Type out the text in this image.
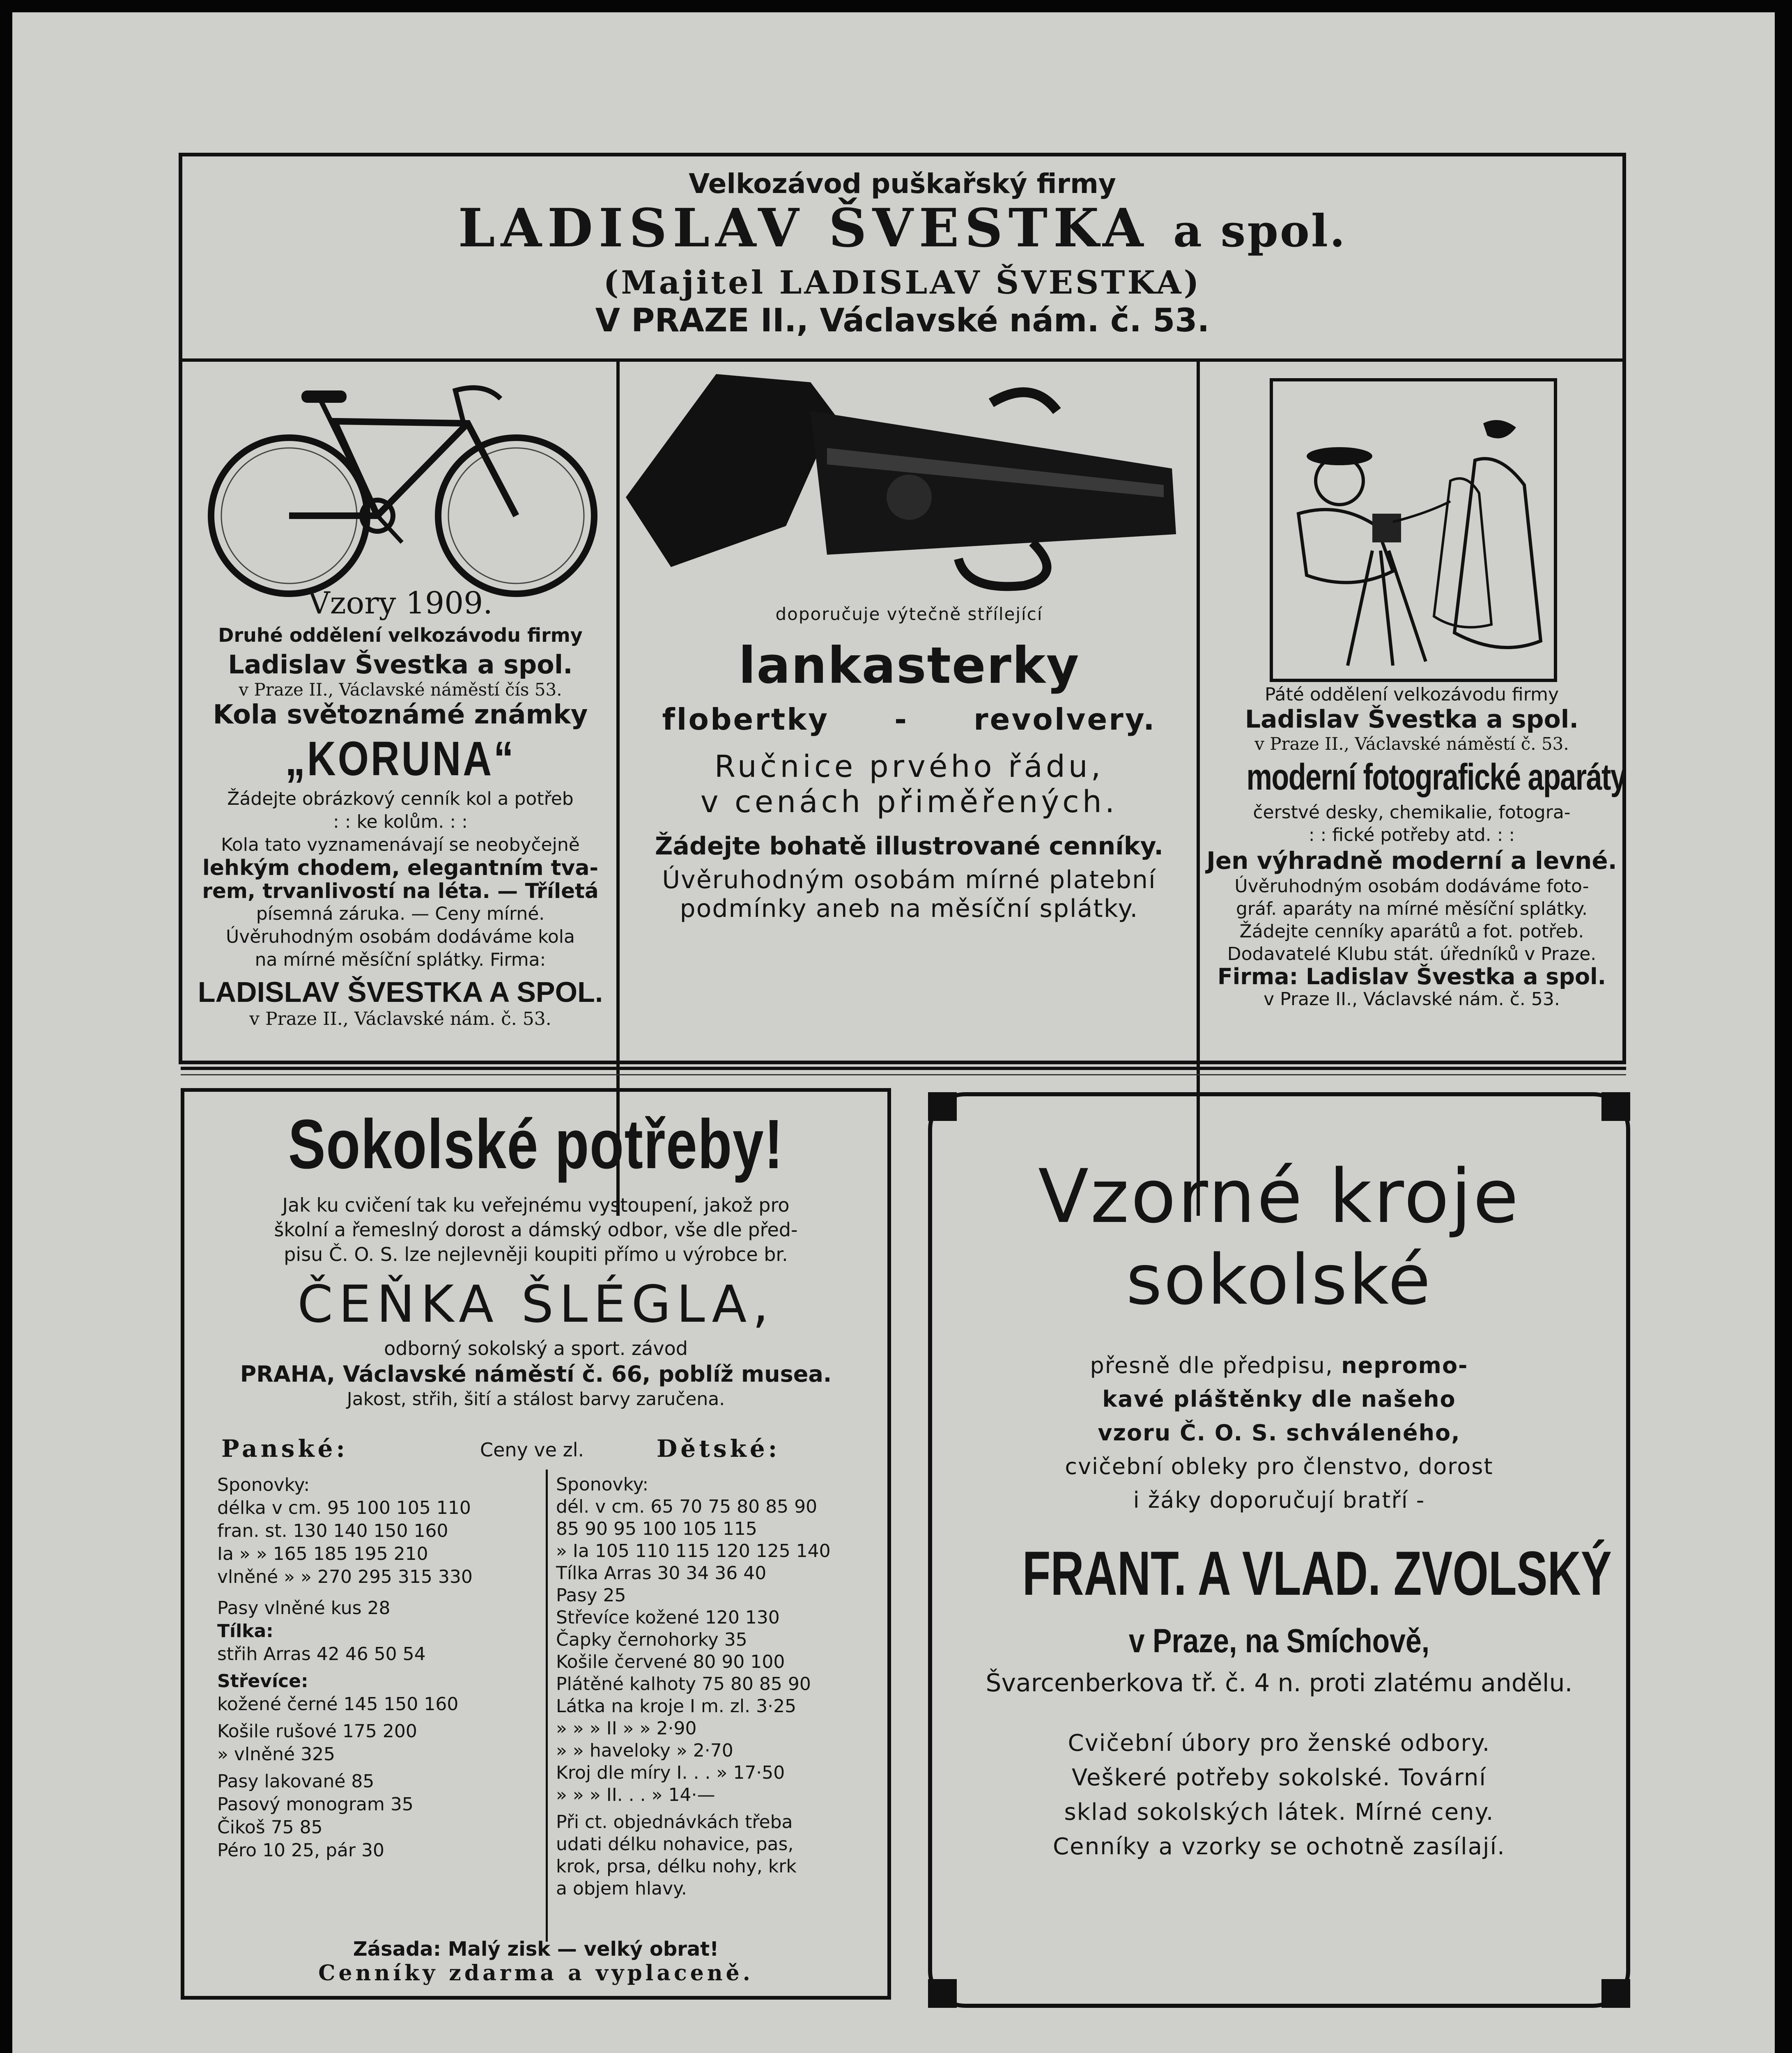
Velkozávod puškařský firmy
LADISLAV ŠVESTKA a spol.
(Majitel LADISLAV ŠVESTKA)
V PRAZE II., Václavské nám. č. 53.
Vzory 1909.
Druhé oddělení velkozávodu firmy
Ladislav Švestka a spol.
v Praze II., Václavské náměstí čís 53.
Kola světoznámé známky
„KORUNA“
Žádejte obrázkový cenník kol a potřeb
: : ke kolům. : :
Kola tato vyznamenávají se neobyčejně
lehkým chodem, elegantním tva-
rem, trvanlivostí na léta. — Tříletá
písemná záruka. — Ceny mírné.
Úvěruhodným osobám dodáváme kola
na mírné měsíční splátky. Firma:
LADISLAV ŠVESTKA A SPOL.
v Praze II., Václavské nám. č. 53.
doporučuje výtečně střílející
lankasterky
flobertky - revolvery.
Ručnice prvého řádu,
v cenách přiměřených.
Žádejte bohatě illustrované cenníky.
Úvěruhodným osobám mírné platební
podmínky aneb na měsíční splátky.
Páté oddělení velkozávodu firmy
Ladislav Švestka a spol.
v Praze II., Václavské náměstí č. 53.
moderní fotografické aparáty
čerstvé desky, chemikalie, fotogra-
: : fické potřeby atd. : :
Jen výhradně moderní a levné.
Úvěruhodným osobám dodáváme foto-
gráf. aparáty na mírné měsíční splátky.
Žádejte cenníky aparátů a fot. potřeb.
Dodavatelé Klubu stát. úředníků v Praze.
Firma: Ladislav Švestka a spol.
v Praze II., Václavské nám. č. 53.
Sokolské potřeby!
Jak ku cvičení tak ku veřejnému vystoupení, jakož pro
školní a řemeslný dorost a dámský odbor, vše dle před-
pisu Č. O. S. lze nejlevněji koupiti přímo u výrobce br.
ČEŇKA ŠLÉGLA,
odborný sokolský a sport. závod
PRAHA, Václavské náměstí č. 66, poblíž musea.
Jakost, střih, šití a stálost barvy zaručena.
Panské:	Ceny ve zl.	Dětské:
Sponovky:
délka v cm. 95 100 105 110
fran. st. 130 140 150 160
Ia » » 165 185 195 210
vlněné » » 270 295 315 330
Pasy vlněné kus 28
Tílka:
střih Arras 42 46 50 54
Střevíce:
kožené černé 145 150 160
Košile rušové 175 200
» vlněné 325
Pasy lakované 85
Pasový monogram 35
Čikoš 75 85
Péro 10 25, pár 30
Sponovky:
dél. v cm. 65 70 75 80 85 90
85 90 95 100 105 115
» Ia 105 110 115 120 125 140
Tílka Arras 30 34 36 40
Pasy 25
Střevíce kožené 120 130
Čapky černohorky 35
Košile červené 80 90 100
Plátěné kalhoty 75 80 85 90
Látka na kroje I m. zl. 3·25
» » » II » » 2·90
» » haveloky » 2·70
Kroj dle míry I. . . » 17·50
» » » II. . . » 14·—
Při ct. objednávkách třeba
udati délku nohavice, pas,
krok, prsa, délku nohy, krk
a objem hlavy.
Zásada: Malý zisk — velký obrat!
Cenníky zdarma a vyplaceně.
Vzorné kroje
sokolské
přesně dle předpisu, nepromo-
kavé pláštěnky dle našeho
vzoru Č. O. S. schváleného,
cvičební obleky pro členstvo, dorost
i žáky doporučují bratří -
FRANT. A VLAD. ZVOLSKÝ
v Praze, na Smíchově,
Švarcenberkova tř. č. 4 n. proti zlatému andělu.
Cvičební úbory pro ženské odbory.
Veškeré potřeby sokolské. Tovární
sklad sokolských látek. Mírné ceny.
Cenníky a vzorky se ochotně zasílají.
